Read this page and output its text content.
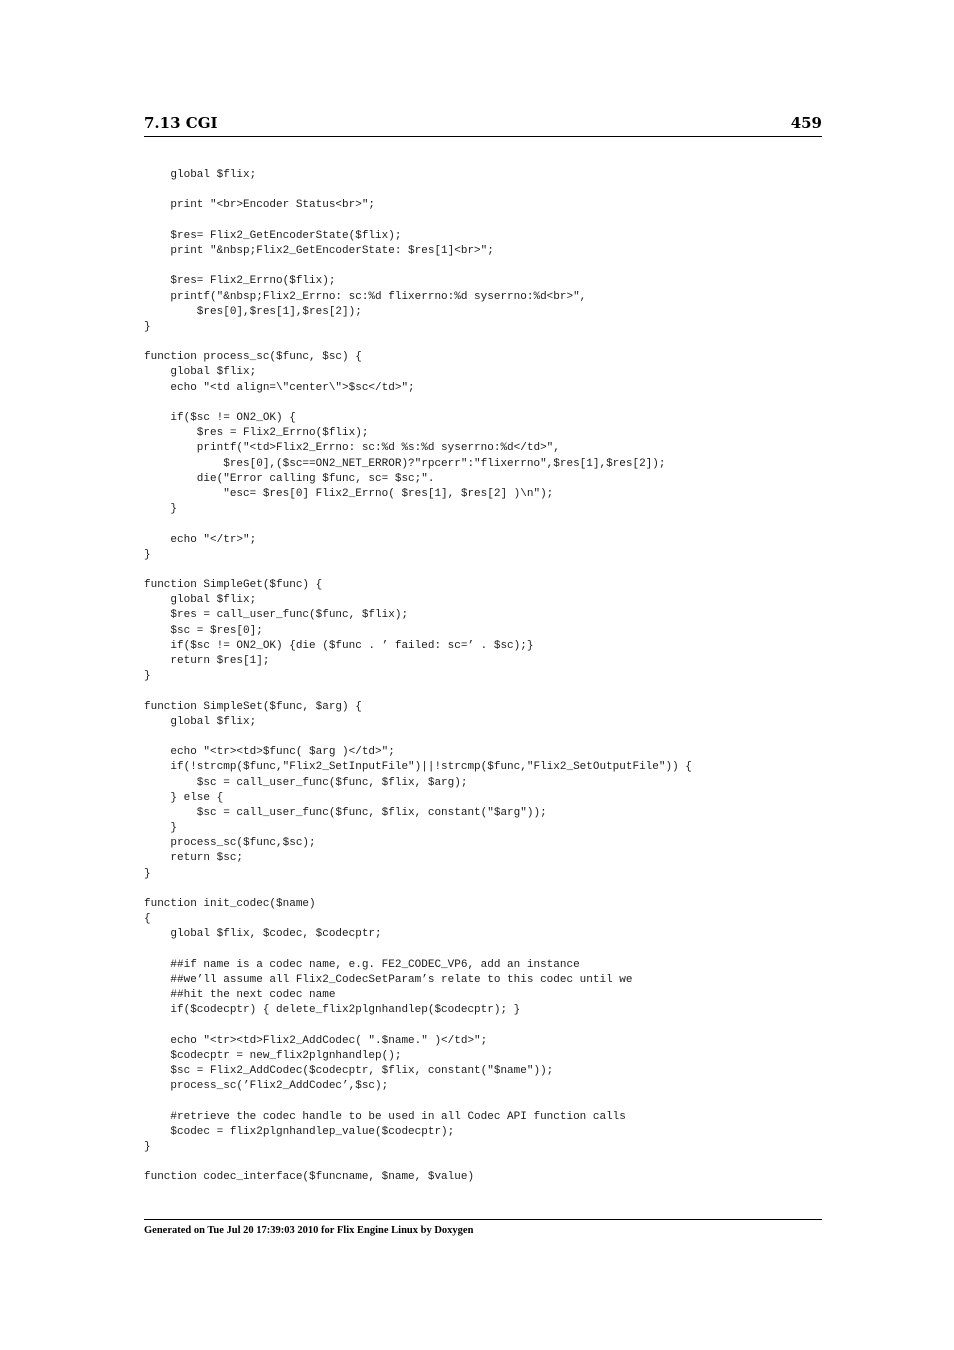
7.13 CGI	459
global $flix;
print "<br>Encoder Status<br>";
$res= Flix2_GetEncoderState($flix);
print "&nbsp;Flix2_GetEncoderState: $res[1]<br>";
$res= Flix2_Errno($flix);
printf("&nbsp;Flix2_Errno: sc:%d flixerrno:%d syserrno:%d<br>",
$res[0],$res[1],$res[2]);
}
function process_sc($func, $sc) {
global $flix;
echo "<td align=\"center\">$sc</td>";
if($sc != ON2_OK) {
$res = Flix2_Errno($flix);
printf("<td>Flix2_Errno: sc:%d %s:%d syserrno:%d</td>",
$res[0],($sc==ON2_NET_ERROR)?"rpcerr":"flixerrno",$res[1],$res[2]);
die("Error calling $func, sc= $sc;".
"esc= $res[0] Flix2_Errno( $res[1], $res[2] )\n");
}
echo "</tr>";
}
function SimpleGet($func) {
global $flix;
$res = call_user_func($func, $flix);
$sc = $res[0];
if($sc != ON2_OK) {die ($func . ’ failed: sc=’ . $sc);}
return $res[1];
}
function SimpleSet($func, $arg) {
global $flix;
echo "<tr><td>$func( $arg )</td>";
if(!strcmp($func,"Flix2_SetInputFile")||!strcmp($func,"Flix2_SetOutputFile")) {
$sc = call_user_func($func, $flix, $arg);
} else {
$sc = call_user_func($func, $flix, constant("$arg"));
}
process_sc($func,$sc);
return $sc;
}
function init_codec($name)
{
global $flix, $codec, $codecptr;
##if name is a codec name, e.g. FE2_CODEC_VP6, add an instance
##we’ll assume all Flix2_CodecSetParam’s relate to this codec until we
##hit the next codec name
if($codecptr) { delete_flix2plgnhandlep($codecptr); }
echo "<tr><td>Flix2_AddCodec( ".$name." )</td>";
$codecptr = new_flix2plgnhandlep();
$sc = Flix2_AddCodec($codecptr, $flix, constant("$name"));
process_sc(’Flix2_AddCodec’,$sc);
#retrieve the codec handle to be used in all Codec API function calls
$codec = flix2plgnhandlep_value($codecptr);
}
function codec_interface($funcname, $name, $value)
Generated on Tue Jul 20 17:39:03 2010 for Flix Engine Linux by Doxygen
